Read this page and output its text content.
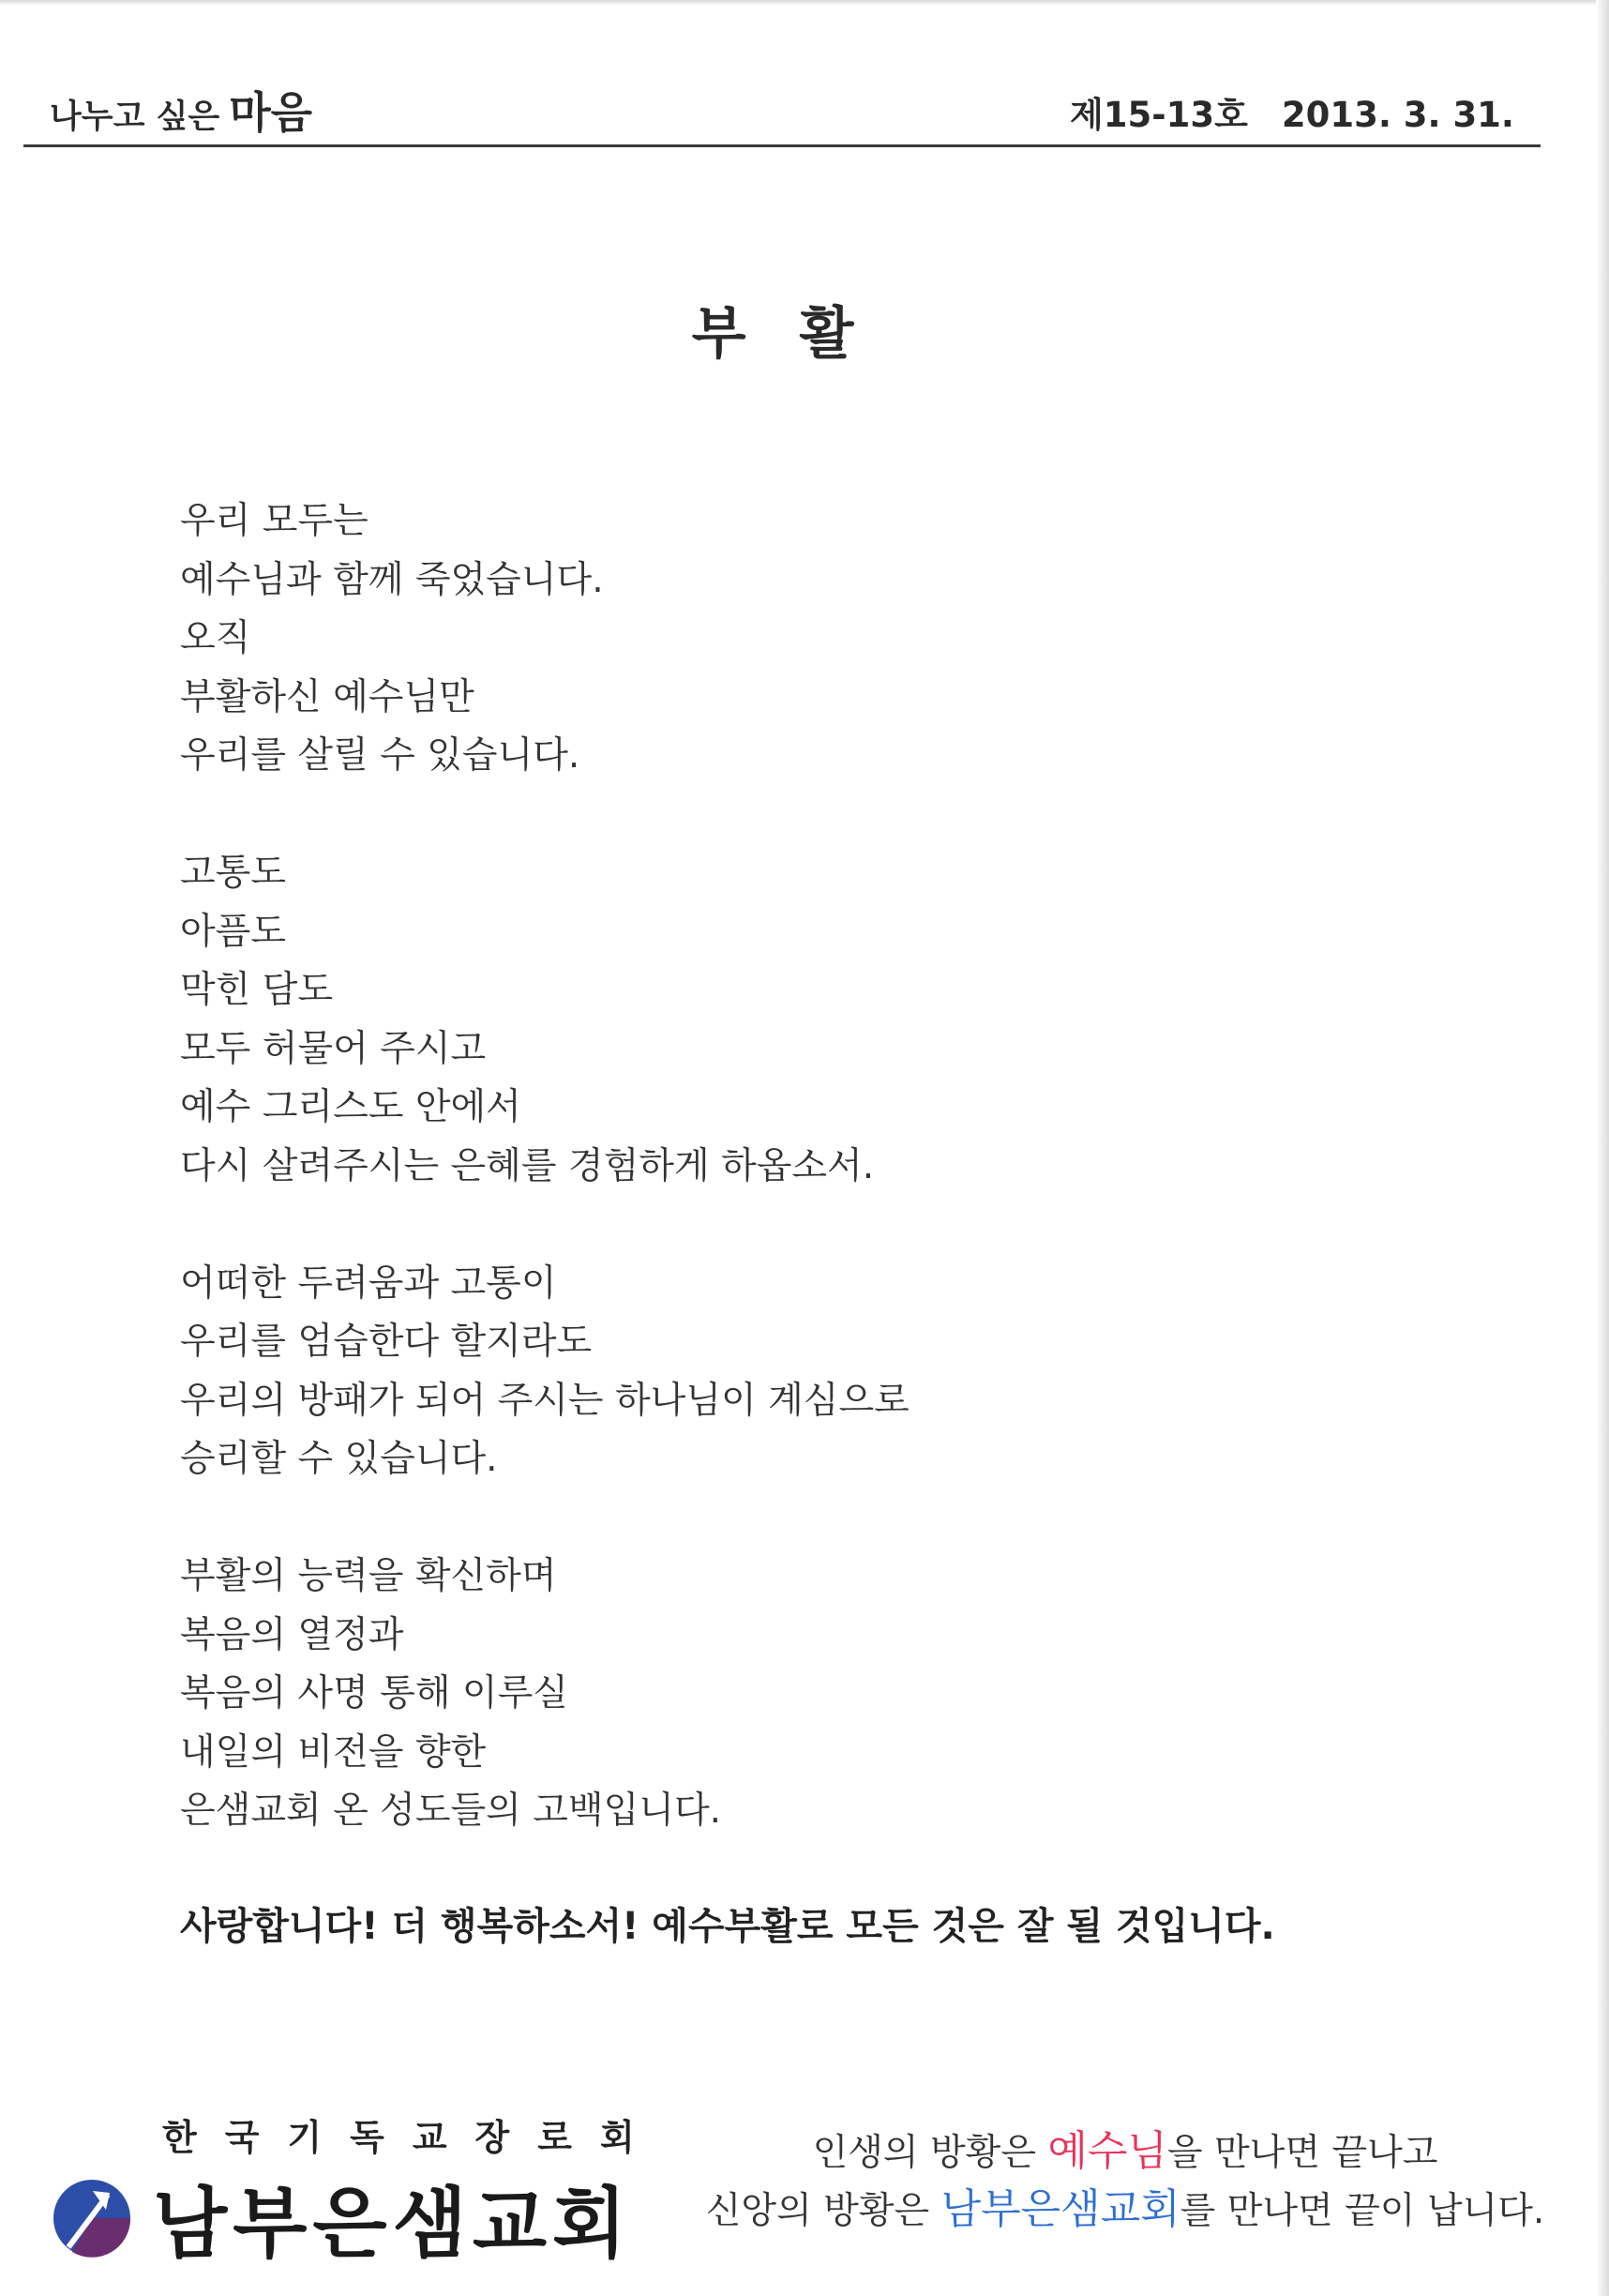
나누고 싶은 마음	제15-13호 2013. 3. 31.
부 활
우리 모두는
예수님과 함께 죽었습니다.
오직
부활하신 예수님만
우리를 살릴 수 있습니다.
고통도
아픔도
막힌 담도
모두 허물어 주시고
예수 그리스도 안에서
다시 살려주시는 은혜를 경험하게 하옵소서.
어떠한 두려움과 고통이
우리를 엄습한다 할지라도
우리의 방패가 되어 주시는 하나님이 계심으로
승리할 수 있습니다.
부활의 능력을 확신하며
복음의 열정과
복음의 사명 통해 이루실
내일의 비전을 향한
은샘교회 온 성도들의 고백입니다.
사랑합니다! 더 행복하소서! 예수부활로 모든 것은 잘 될 것입니다.
한국기독교장로회
남부은샘교회
인생의 방황은 예수님을 만나면 끝나고
신앙의 방황은 남부은샘교회를 만나면 끝이 납니다.
